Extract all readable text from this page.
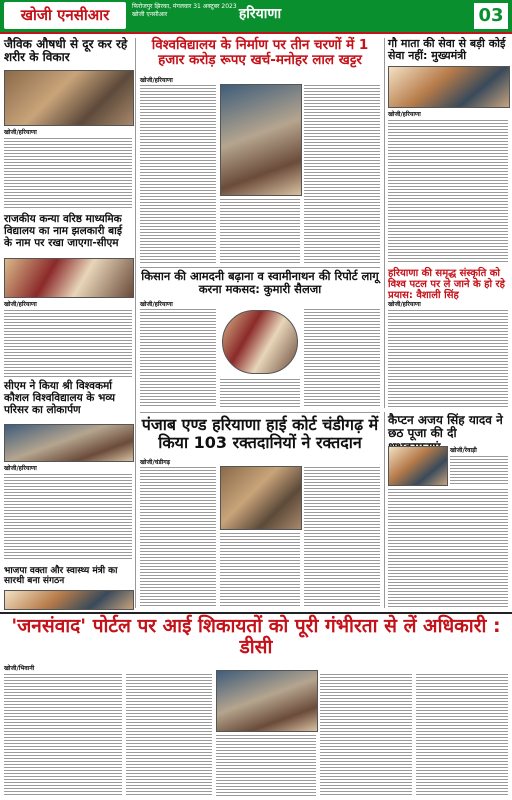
खोजी एनसीआर	फिरोजपुर झिरका, मंगलवार 31 अक्टूबर 2023
खोजी एनसीआर	हरियाणा	03
जैविक औषधी से दूर कर रहे शरीर के विकार
खोजी/हरियाणा
राजकीय कन्या वरिष्ठ माध्यमिक विद्यालय का नाम झलकारी बाई के नाम पर रखा जाएगा-सीएम
खोजी/हरियाणा
सीएम ने किया श्री विश्वकर्मा कौशल विश्वविद्यालय के भव्य परिसर का लोकार्पण
खोजी/हरियाणा
भाजपा वक्ता और स्वास्थ्य मंत्री का सारथी बना संगठन
विश्वविद्यालय के निर्माण पर तीन चरणों में 1 हजार करोड़ रूपए खर्च-मनोहर लाल खट्टर
खोजी/हरियाणा
किसान की आमदनी बढ़ाना व स्वामीनाथन की रिपोर्ट लागू करना मकसद: कुमारी सैलजा
खोजी/हरियाणा
गौ माता की सेवा से बड़ी कोई सेवा नहीं: मुख्यमंत्री
खोजी/हरियाणा
हरियाणा की समृद्ध संस्कृति को विश्व पटल पर ले जाने के हो रहे प्रयास: वैशाली सिंह
खोजी/हरियाणा
पंजाब एण्ड हरियाणा हाई कोर्ट चंडीगढ़ में किया 103 रक्तदानियों ने रक्तदान
खोजी/चंडीगढ़
कैप्टन अजय सिंह यादव ने छठ पूजा की दी
खोजी/रेवाड़ी
'जनसंवाद' पोर्टल पर आई शिकायतों को पूरी गंभीरता से लें अधिकारी : डीसी
खोजी/भिवानी
